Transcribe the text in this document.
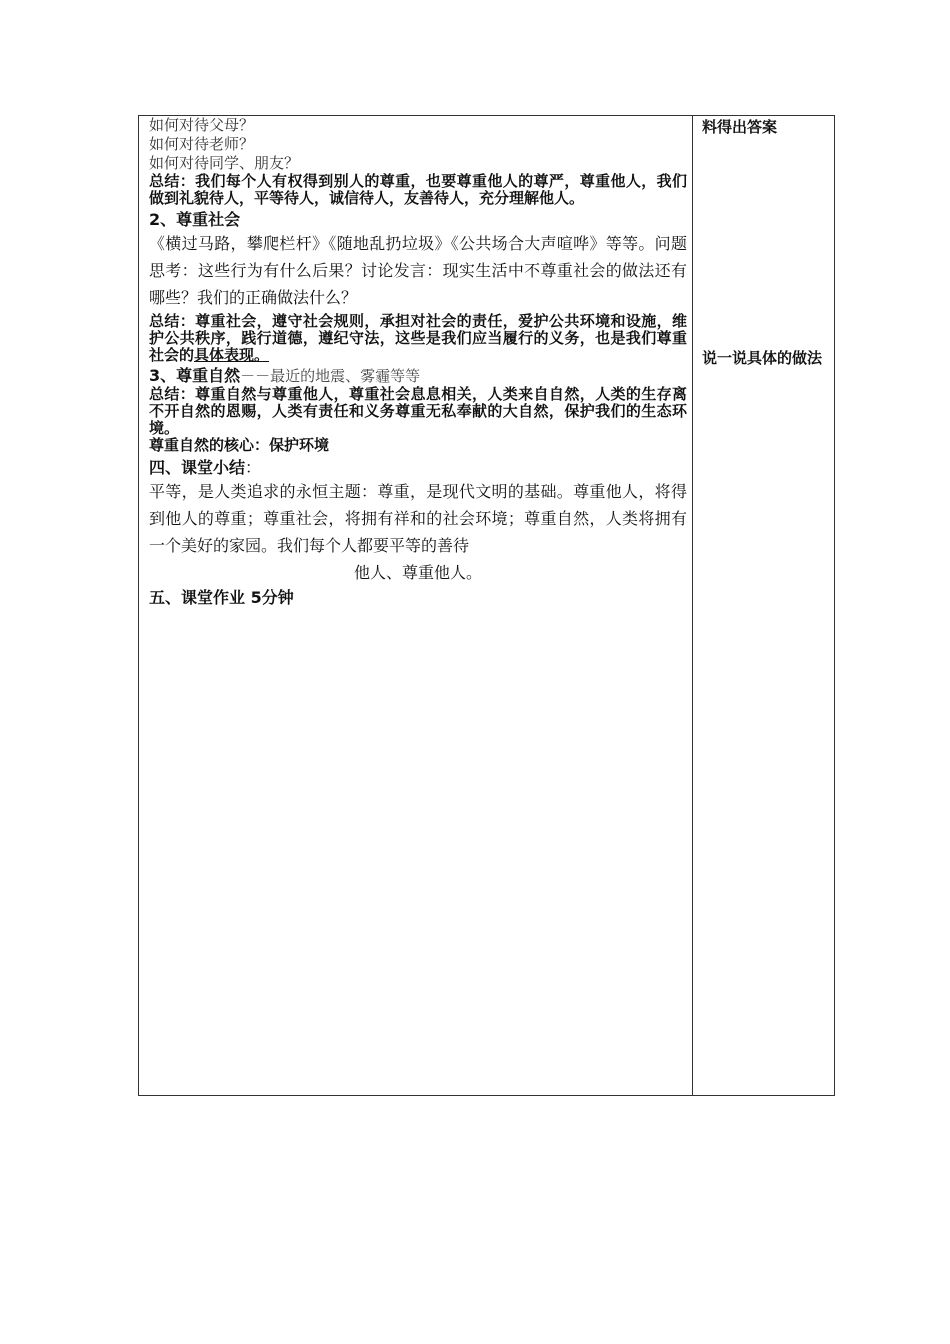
如何对待父母？
如何对待老师？
如何对待同学、朋友？
总结：我们每个人有权得到别人的尊重，也要尊重他人的尊严，尊重他人，我们做到礼貌待人，平等待人，诚信待人，友善待人，充分理解他人。
2、尊重社会
《横过马路，攀爬栏杆》《随地乱扔垃圾》《公共场合大声喧哗》等等。问题思考：这些行为有什么后果？讨论发言：现实生活中不尊重社会的做法还有哪些？我们的正确做法什么？
总结：尊重社会，遵守社会规则，承担对社会的责任，爱护公共环境和设施，维护公共秩序，践行道德，遵纪守法，这些是我们应当履行的义务，也是我们尊重社会的具体表现。
3、尊重自然－－最近的地震、雾霾等等
总结：尊重自然与尊重他人，尊重社会息息相关，人类来自自然，人类的生存离不开自然的恩赐，人类有责任和义务尊重无私奉献的大自然，保护我们的生态环境。
尊重自然的核心：保护环境
四、课堂小结：
平等，是人类追求的永恒主题：尊重，是现代文明的基础。尊重他人，将得到他人的尊重；尊重社会，将拥有祥和的社会环境；尊重自然，人类将拥有一个美好的家园。我们每个人都要平等的善待
他人、尊重他人。
五、课堂作业 5分钟
料得出答案
说一说具体的做法
